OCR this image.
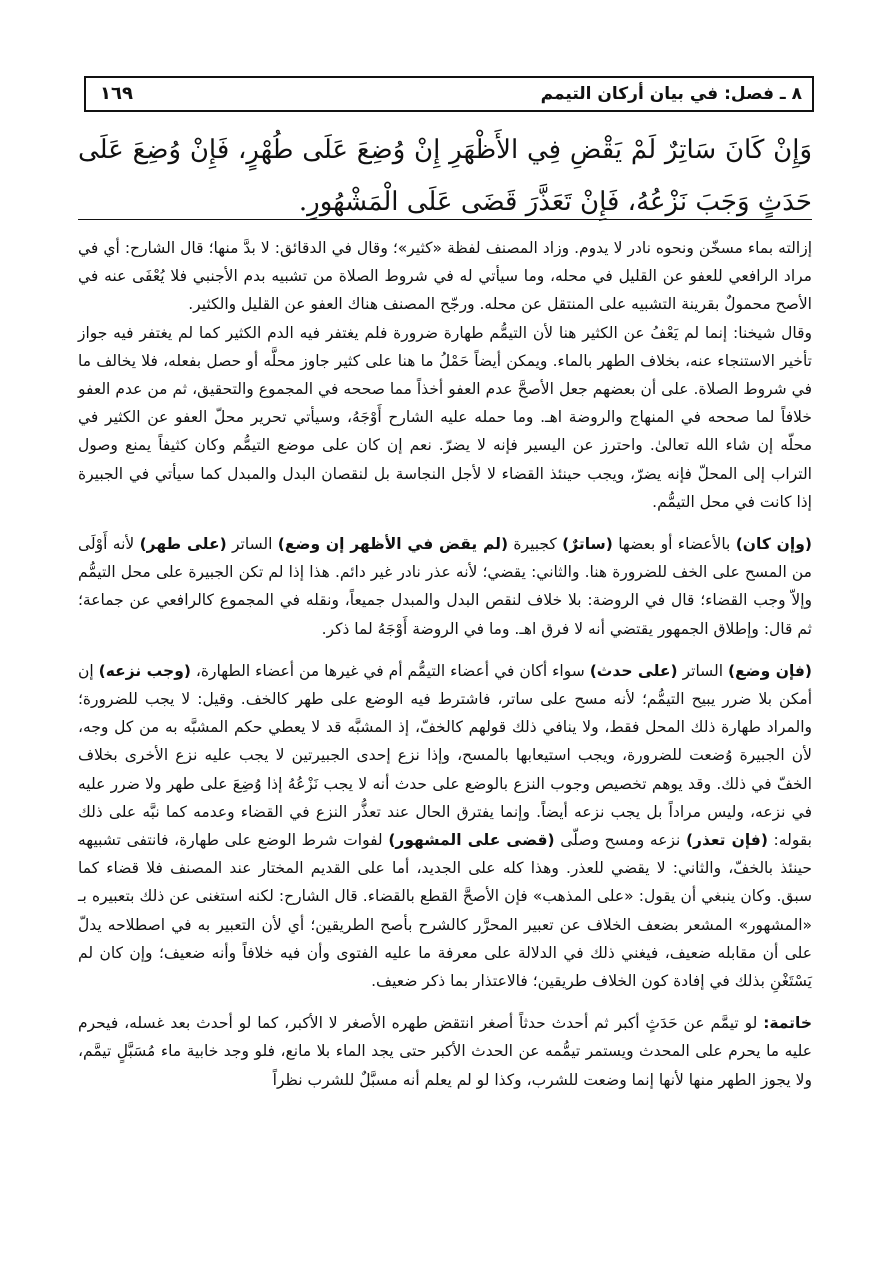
٨ ـ فصل: في بيان أركان التيمم
١٦٩
وَإِنْ كَانَ سَاتِرٌ لَمْ يَقْضِ فِي الأَظْهَرِ إِنْ وُضِعَ عَلَى طُهْرٍ، فَإِنْ وُضِعَ عَلَى حَدَثٍ وَجَبَ نَزْعُهُ، فَإِنْ تَعَذَّرَ قَضَى عَلَى الْمَشْهُورِ.

إزالته بماء مسخّن ونحوه نادر لا يدوم. وزاد المصنف لفظة «كثير»؛ وقال في الدقائق: لا بدَّ منها؛ قال الشارح: أي في مراد الرافعي للعفو عن القليل في محله، وما سيأتي له في شروط الصلاة من تشبيه بدم الأجنبي فلا يُعْفَى عنه في الأصح محمولٌ بقرينة التشبيه على المنتقل عن محله. ورجّح المصنف هناك العفو عن القليل والكثير.

وقال شيخنا: إنما لم يَعْفُ عن الكثير هنا لأن التيمُّم طهارة ضرورة فلم يغتفر فيه الدم الكثير كما لم يغتفر فيه جواز تأخير الاستنجاء عنه، بخلاف الطهر بالماء. ويمكن أيضاً حَمْلُ ما هنا على كثير جاوز محلَّه أو حصل بفعله، فلا يخالف ما في شروط الصلاة. على أن بعضهم جعل الأصحَّ عدم العفو أخذاً مما صححه في المجموع والتحقيق، ثم من عدم العفو خلافاً لما صححه في المنهاج والروضة اهـ. وما حمله عليه الشارح أَوْجَهُ، وسيأتي تحرير محلّ العفو عن الكثير في محلّه إن شاء الله تعالىٰ. واحترز عن اليسير فإنه لا يضرّ. نعم إن كان على موضع التيمُّم وكان كثيفاً يمنع وصول التراب إلى المحلّ فإنه يضرّ، ويجب حينئذ القضاء لا لأجل النجاسة بل لنقصان البدل والمبدل كما سيأتي في الجبيرة إذا كانت في محل التيمُّم.

(وإن كان) بالأعضاء أو بعضها (ساترٌ) كجبيرة (لم يقض في الأظهر إن وضع) الساتر (على طهر) لأنه أَوْلَى من المسح على الخف للضرورة هنا. والثاني: يقضي؛ لأنه عذر نادر غير دائم. هذا إذا لم تكن الجبيرة على محل التيمُّم وإلاّ وجب القضاء؛ قال في الروضة: بلا خلاف لنقص البدل والمبدل جميعاً، ونقله في المجموع كالرافعي عن جماعة؛ ثم قال: وإطلاق الجمهور يقتضي أنه لا فرق اهـ. وما في الروضة أَوْجَهُ لما ذكر.

(فإن وضع) الساتر (على حدث) سواء أكان في أعضاء التيمُّم أم في غيرها من أعضاء الطهارة، (وجب نزعه) إن أمكن بلا ضرر يبيح التيمُّم؛ لأنه مسح على ساتر، فاشترط فيه الوضع على طهر كالخف. وقيل: لا يجب للضرورة؛ والمراد طهارة ذلك المحل فقط، ولا ينافي ذلك قولهم كالخفّ، إذ المشبَّه قد لا يعطي حكم المشبَّه به من كل وجه، لأن الجبيرة وُضعت للضرورة، ويجب استيعابها بالمسح، وإذا نزع إحدى الجبيرتين لا يجب عليه نزع الأخرى بخلاف الخفّ في ذلك. وقد يوهم تخصيص وجوب النزع بالوضع على حدث أنه لا يجب نَزْعُهُ إذا وُضِعَ على طهر ولا ضرر عليه في نزعه، وليس مراداً بل يجب نزعه أيضاً. وإنما يفترق الحال عند تعذُّر النزع في القضاء وعدمه كما نبَّه على ذلك بقوله: (فإن تعذر) نزعه ومسح وصلّى (قضى على المشهور) لفوات شرط الوضع على طهارة، فانتفى تشبيهه حينئذ بالخفّ، والثاني: لا يقضي للعذر. وهذا كله على الجديد، أما على القديم المختار عند المصنف فلا قضاء كما سبق. وكان ينبغي أن يقول: «على المذهب» فإن الأصحَّ القطع بالقضاء. قال الشارح: لكنه استغنى عن ذلك بتعبيره بـ «المشهور» المشعر بضعف الخلاف عن تعبير المحرَّر كالشرح بأصح الطريقين؛ أي لأن التعبير به في اصطلاحه يدلّ على أن مقابله ضعيف، فيغني ذلك في الدلالة على معرفة ما عليه الفتوى وأن فيه خلافاً وأنه ضعيف؛ وإن كان لم يَسْتَغْنِ بذلك في إفادة كون الخلاف طريقين؛ فالاعتذار بما ذكر ضعيف.

خاتمة: لو تيمَّم عن حَدَثٍ أكبر ثم أحدث حدثاً أصغر انتقض طهره الأصغر لا الأكبر، كما لو أحدث بعد غسله، فيحرم عليه ما يحرم على المحدث ويستمر تيمُّمه عن الحدث الأكبر حتى يجد الماء بلا مانع، فلو وجد خابية ماء مُسَبَّلٍ تيمَّم، ولا يجوز الطهر منها لأنها إنما وضعت للشرب، وكذا لو لم يعلم أنه مسبَّلٌ للشرب نظراً
